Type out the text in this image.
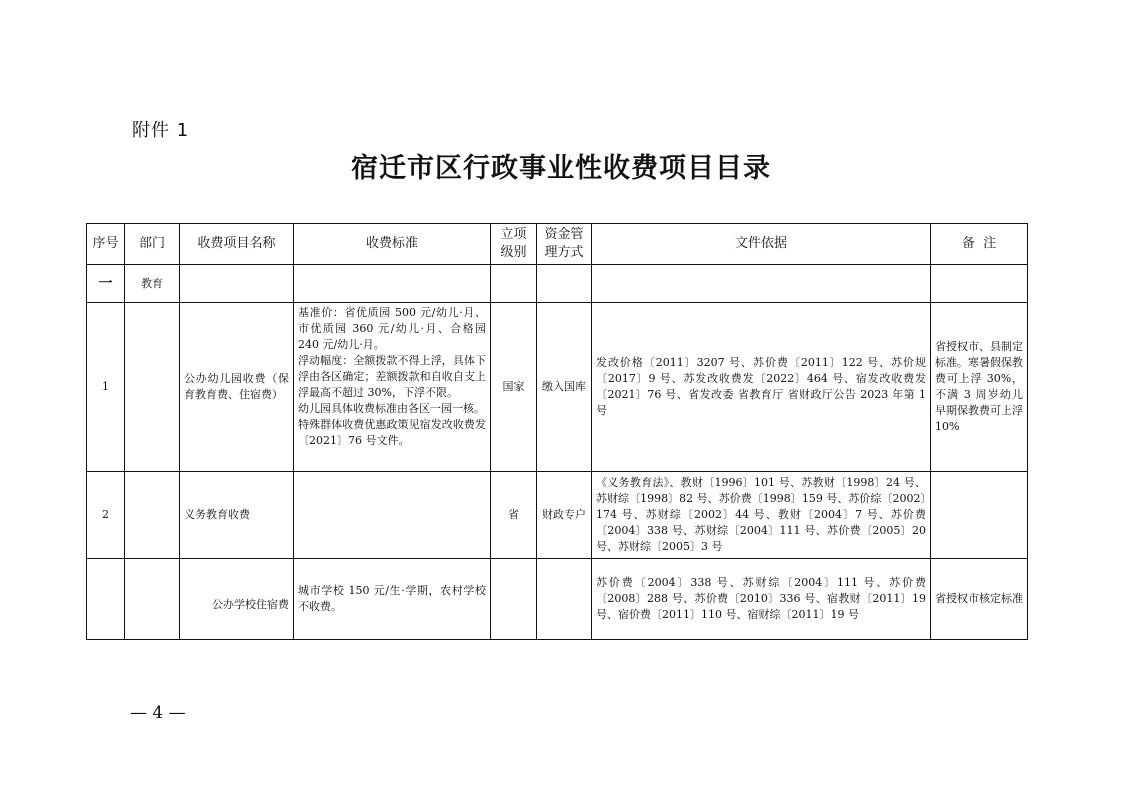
附件 1
宿迁市区行政事业性收费项目目录
序号	部门	收费项目名称	收费标准	立项级别	资金管理方式	文件依据	备  注
一	教育						
1		公办幼儿园收费（保育教育费、住宿费）	基准价：省优质园 500 元/幼儿·月、市优质园 360 元/幼儿·月、合格园 240 元/幼儿·月。
浮动幅度：全额拨款不得上浮，具体下浮由各区确定；差额拨款和自收自支上浮最高不超过 30%，下浮不限。
幼儿园具体收费标准由各区一园一核。
特殊群体收费优惠政策见宿发改收费发〔2021〕76 号文件。	国家	缴入国库	发改价格〔2011〕3207 号、苏价费〔2011〕122 号、苏价规〔2017〕9 号、苏发改收费发〔2022〕464 号、宿发改收费发〔2021〕76 号、省发改委 省教育厅 省财政厅公告 2023 年第 1 号	省授权市、县制定标准。寒暑假保教费可上浮 30%，不满 3 周岁幼儿早期保教费可上浮 10%
2		义务教育收费		省	财政专户	《义务教育法》、教财〔1996〕101 号、苏教财〔1998〕24 号、苏财综〔1998〕82 号、苏价费〔1998〕159 号、苏价综〔2002〕174 号、苏财综〔2002〕44 号、教财〔2004〕7 号、苏价费〔2004〕338 号、苏财综〔2004〕111 号、苏价费〔2005〕20 号、苏财综〔2005〕3 号	
		公办学校住宿费	城市学校 150 元/生·学期，农村学校不收费。			苏价费〔2004〕338 号、苏财综〔2004〕111 号、苏价费〔2008〕288 号、苏价费〔2010〕336 号、宿教财〔2011〕19 号、宿价费〔2011〕110 号、宿财综〔2011〕19 号	省授权市核定标准
— 4 —
